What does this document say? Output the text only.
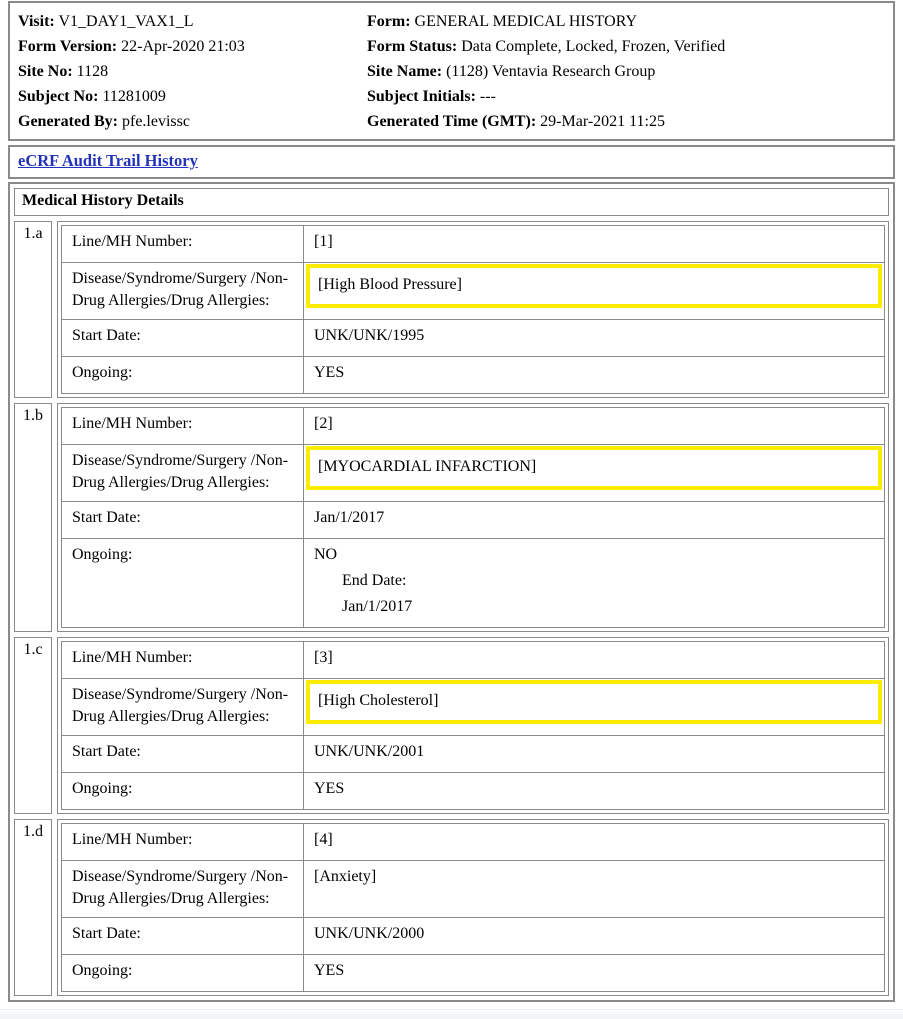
Visit: V1_DAY1_VAX1_L	Form: GENERAL MEDICAL HISTORY
Form Version: 22-Apr-2020 21:03	Form Status: Data Complete, Locked, Frozen, Verified
Site No: 1128	Site Name: (1128) Ventavia Research Group
Subject No: 11281009	Subject Initials: ---
Generated By: pfe.levissc	Generated Time (GMT): 29-Mar-2021 11:25
eCRF Audit Trail History
Medical History Details
1.a	Line/MH Number:	[1]

Disease/Syndrome/Surgery /Non-Drug Allergies/Drug Allergies:	[High Blood Pressure]

Start Date:	UNK/UNK/1995

Ongoing:	YES
1.b	Line/MH Number:	[2]

Disease/Syndrome/Surgery /Non-Drug Allergies/Drug Allergies:	[MYOCARDIAL INFARCTION]

Start Date:	Jan/1/2017

Ongoing:	NO
End Date:
Jan/1/2017
1.c	Line/MH Number:	[3]

Disease/Syndrome/Surgery /Non-Drug Allergies/Drug Allergies:	[High Cholesterol]

Start Date:	UNK/UNK/2001

Ongoing:	YES
1.d	Line/MH Number:	[4]

Disease/Syndrome/Surgery /Non-Drug Allergies/Drug Allergies:	[Anxiety]

Start Date:	UNK/UNK/2000

Ongoing:	YES
